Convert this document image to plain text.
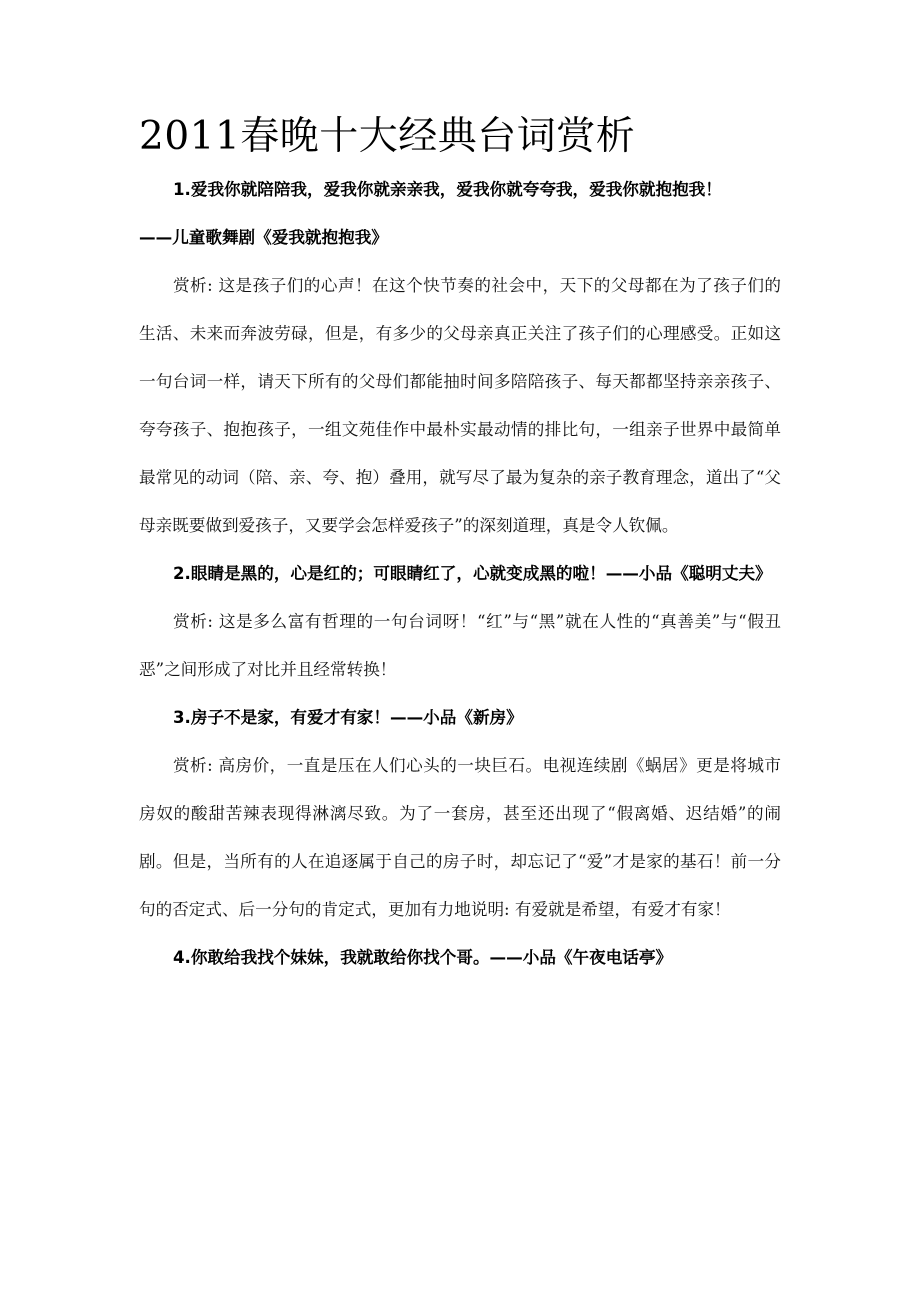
2011春晚十大经典台词赏析

1.爱我你就陪陪我，爱我你就亲亲我，爱我你就夸夸我，爱我你就抱抱我！

——儿童歌舞剧《爱我就抱抱我》

赏析: 这是孩子们的心声！在这个快节奏的社会中，天下的父母都在为了孩子们的生活、未来而奔波劳碌，但是，有多少的父母亲真正关注了孩子们的心理感受。正如这一句台词一样，请天下所有的父母们都能抽时间多陪陪孩子、每天都都坚持亲亲孩子、夸夸孩子、抱抱孩子，一组文苑佳作中最朴实最动情的排比句，一组亲子世界中最简单最常见的动词（陪、亲、夸、抱）叠用，就写尽了最为复杂的亲子教育理念，道出了“父母亲既要做到爱孩子，又要学会怎样爱孩子”的深刻道理，真是令人钦佩。

2.眼睛是黑的，心是红的；可眼睛红了，心就变成黑的啦！——小品《聪明丈夫》

赏析: 这是多么富有哲理的一句台词呀！“红”与“黑”就在人性的“真善美”与“假丑恶”之间形成了对比并且经常转换！

3.房子不是家，有爱才有家！——小品《新房》

赏析: 高房价，一直是压在人们心头的一块巨石。电视连续剧《蜗居》更是将城市房奴的酸甜苦辣表现得淋漓尽致。为了一套房，甚至还出现了“假离婚、迟结婚”的闹剧。但是，当所有的人在追逐属于自己的房子时，却忘记了“爱”才是家的基石！前一分句的否定式、后一分句的肯定式，更加有力地说明: 有爱就是希望，有爱才有家！

4.你敢给我找个妹妹，我就敢给你找个哥。——小品《午夜电话亭》
